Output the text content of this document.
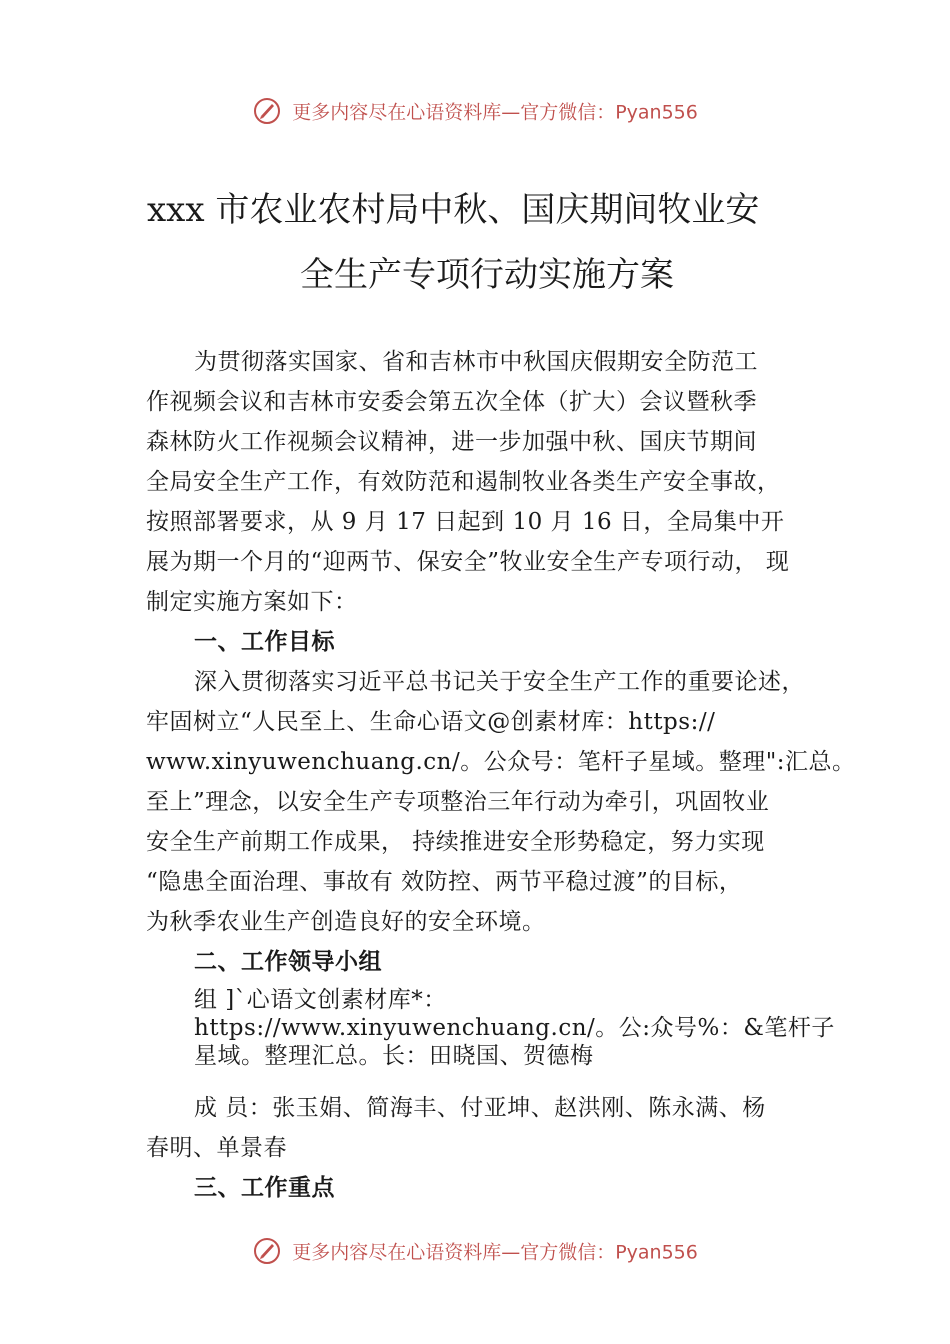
更多内容尽在心语资料库—官方微信：Pyan556
xxx 市农业农村局中秋、国庆期间牧业安
全生产专项行动实施方案
为贯彻落实国家、省和吉林市中秋国庆假期安全防范工
作视频会议和吉林市安委会第五次全体（扩大）会议暨秋季
森林防火工作视频会议精神，进一步加强中秋、国庆节期间
全局安全生产工作，有效防范和遏制牧业各类生产安全事故，
按照部署要求，从 9 月 17 日起到 10 月 16 日，全局集中开
展为期一个月的“迎两节、保安全”牧业安全生产专项行动， 现
制定实施方案如下：
一、工作目标
深入贯彻落实习近平总书记关于安全生产工作的重要论述，
牢固树立“人民至上、生命心语文@创素材库：https://
www.xinyuwenchuang.cn/。公众号：笔杆子星域。整理":汇总。
至上”理念，以安全生产专项整治三年行动为牵引，巩固牧业
安全生产前期工作成果， 持续推进安全形势稳定，努力实现
“隐患全面治理、事故有 效防控、两节平稳过渡”的目标，
为秋季农业生产创造良好的安全环境。
二、工作领导小组
组 ]`心语文创素材库*：
https://www.xinyuwenchuang.cn/。公:众号%：&笔杆子
星域。整理汇总。长：田晓国、贺德梅
成 员：张玉娟、简海丰、付亚坤、赵洪刚、陈永满、杨
春明、单景春
三、工作重点
更多内容尽在心语资料库—官方微信：Pyan556
